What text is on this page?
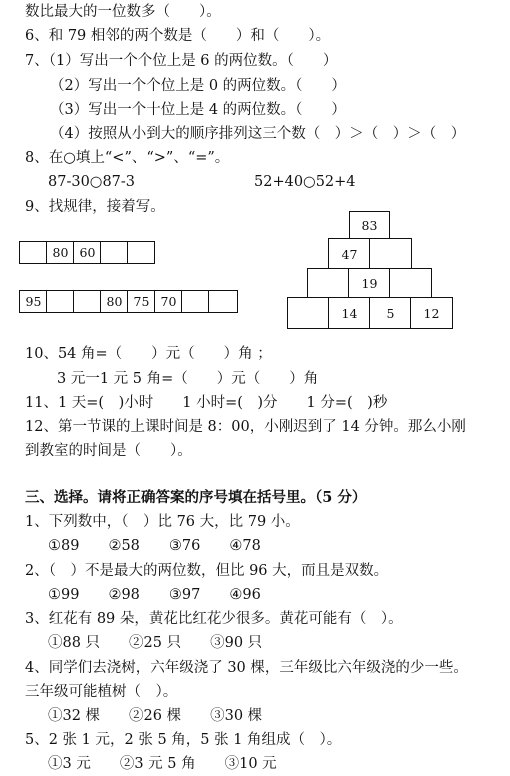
数比最大的一位数多（　　）。
6、和 79 相邻的两个数是（　　）和（　　）。
7、（1）写出一个个位上是 6 的两位数。（　　）
（2）写出一个个位上是 0 的两位数。（　　）
（3）写出一个十位上是 4 的两位数。（　　）
（4）按照从小到大的顺序排列这三个数（　）＞（　）＞（　）
8、在○填上“<”、“>”、“=”。
87-30○87-3	52+40○52+4
9、找规律，接着写。
80 60
95	80 75 70
83
47
19
14	5	12
10、54 角=（　　）元（　　）角 ；
3 元一1 元 5 角=（　　）元（　　）角
11、1 天=(　)小时　　1 小时=(　)分　　1 分=(　)秒
12、第一节课的上课时间是 8：00，小刚迟到了 14 分钟。那么小刚
到教室的时间是（　　）。
三、选择。请将正确答案的序号填在括号里。（5 分）
1、下列数中，（　）比 76 大，比 79 小。
①89　　②58　　③76　　④78
2、（　）不是最大的两位数，但比 96 大，而且是双数。
①99　　②98　　③97　　④96
3、红花有 89 朵，黄花比红花少很多。黄花可能有（　）。
①88 只　　②25 只　　③90 只
4、同学们去浇树，六年级浇了 30 棵，三年级比六年级浇的少一些。
三年级可能植树（　）。
①32 棵　　②26 棵　　③30 棵
5、2 张 1 元，2 张 5 角，5 张 1 角组成（　）。
①3 元　　②3 元 5 角　　③10 元
